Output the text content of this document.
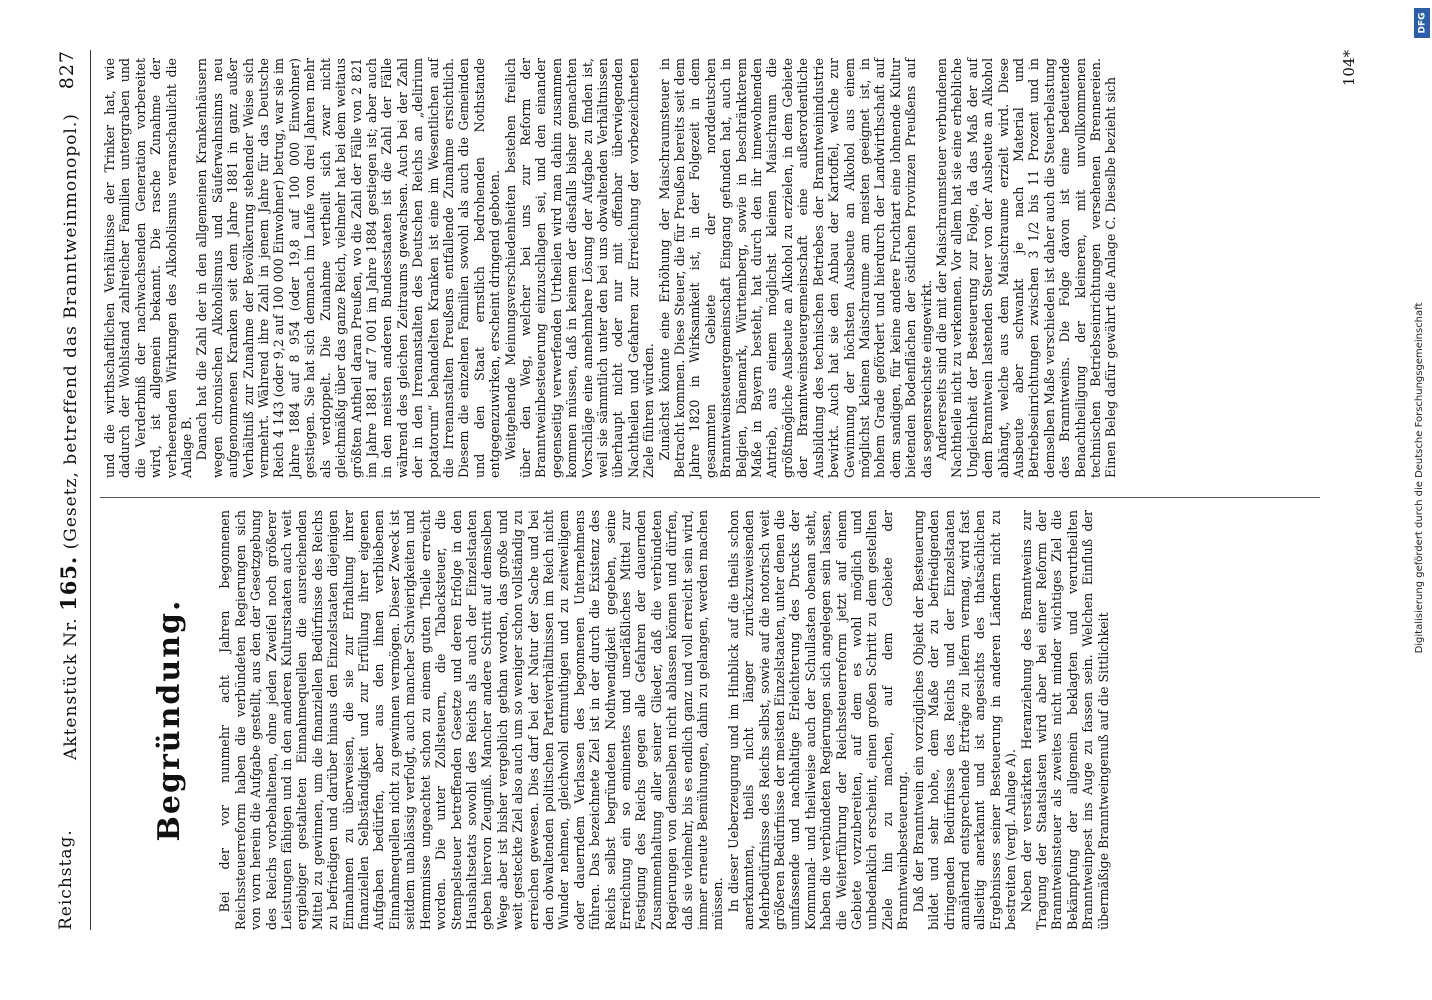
Reichstag.
Aktenstück Nr. 165. (Gesetz, betreffend das Branntweinmonopol.)
827
Begründung. Bei der vor nunmehr acht Jahren begonnenen Reichssteuerreform haben die verbündeten Regierungen sich von vorn herein die Aufgabe gestellt, aus den der Gesetzgebung des Reichs vorbehaltenen, ohne jeden Zweifel noch größerer Leistungen fähigen und in den anderen Kulturstaaten auch weit ergiebiger gestalteten Einnahmequellen die ausreichenden Mittel zu gewinnen, um die finanziellen Bedürfnisse des Reichs zu befriedigen und darüber hinaus den Einzelstaaten diejenigen Einnahmen zu überweisen, die sie zur Erhaltung ihrer finanziellen Selbständigkeit und zur Erfüllung ihrer eigenen Aufgaben bedürfen, aber aus den ihnen verbliebenen Einnahmequellen nicht zu gewinnen vermögen. Dieser Zweck ist seitdem unablässig verfolgt, auch mancher Schwierigkeiten und Hemmnisse ungeachtet schon zu einem guten Theile erreicht worden. Die unter Zollsteuern, die Tabacksteuer, die Stempelsteuer betreffenden Gesetze und deren Erfolge in den Haushaltsetats sowohl des Reichs als auch der Einzelstaaten geben hiervon Zeugniß. Mancher andere Schritt auf demselben Wege aber ist bisher vergeblich gethan worden, das große und weit gesteckte Ziel also auch um so weniger schon vollständig zu erreichen gewesen. Dies darf bei der Natur der Sache und bei den obwaltenden politischen Parteiverhältnissen im Reich nicht Wunder nehmen, gleichwohl entmuthigen und zu zeitweiligem oder dauerndem Verlassen des begonnenen Unternehmens führen. Das bezeichnete Ziel ist in der durch die Existenz des Reichs selbst begründeten Nothwendigkeit gegeben, seine Erreichung ein so eminentes und unerläßliches Mittel zur Festigung des Reichs gegen alle Gefahren der dauernden Zusammenhaltung aller seiner Glieder, daß die verbündeten Regierungen von demselben nicht ablassen können und dürfen, daß sie vielmehr, bis es endlich ganz und voll erreicht sein wird, immer erneute Bemühungen, dahin zu gelangen, werden machen müssen. In dieser Ueberzeugung und im Hinblick auf die theils schon anerkannten, theils nicht länger zurückzuweisenden Mehrbedürfnisse des Reichs selbst, sowie auf die notorisch weit größeren Bedürfnisse der meisten Einzelstaaten, unter denen die umfassende und nachhaltige Erleichterung des Drucks der Kommunal- und theilweise auch der Schullasten obenan steht, haben die verbündeten Regierungen sich angelegen sein lassen, die Weiterführung der Reichssteuerreform jetzt auf einem Gebiete vorzubereiten, auf dem es wohl möglich und unbedenklich erscheint, einen großen Schritt zu dem gestellten Ziele hin zu machen, auf dem Gebiete der Branntweinbesteuerung. Daß der Branntwein ein vorzügliches Objekt der Besteuerung bildet und sehr hohe, dem Maße der zu befriedigenden dringenden Bedürfnisse des Reichs und der Einzelstaaten annähernd entsprechende Erträge zu liefern vermag, wird fast allseitig anerkannt und ist angesichts des thatsächlichen Ergebnisses seiner Besteuerung in anderen Ländern nicht zu bestreiten (vergl. Anlage A). Neben der verstärkten Heranziehung des Branntweins zur Tragung der Staatslasten wird aber bei einer Reform der Branntweinsteuer als zweites nicht minder wichtiges Ziel die Bekämpfung der allgemein beklagten und verurtheilten Branntweinpest ins Auge zu fassen sein. Welchen Einfluß der übermäßige Branntweingenuß auf die Sittlichkeit

und die wirthschaftlichen Verhältnisse der Trinker hat, wie dadurch der Wohlstand zahlreicher Familien untergraben und die Verderbniß der nachwachsenden Generation vorbereitet wird, ist allgemein bekannt. Die rasche Zunahme der verheerenden Wirkungen des Alkoholismus veranschaulicht die Anlage B. Danach hat die Zahl der in den allgemeinen Krankenhäusern wegen chronischen Alkoholismus und Säuferwahnsinns neu aufgenommenen Kranken seit dem Jahre 1881 in ganz außer Verhältniß zur Zunahme der Bevölkerung stehender Weise sich vermehrt. Während ihre Zahl in jenem Jahre für das Deutsche Reich 4 143 (oder 9,2 auf 100 000 Einwohner) betrug, war sie im Jahre 1884 auf 8 954 (oder 19,8 auf 100 000 Einwohner) gestiegen. Sie hat sich demnach im Laufe von drei Jahren mehr als verdoppelt. Die Zunahme vertheilt sich zwar nicht gleichmäßig über das ganze Reich, vielmehr hat bei dem weitaus größten Antheil daran Preußen, wo die Zahl der Fälle von 2 821 im Jahre 1881 auf 7 001 im Jahre 1884 gestiegen ist; aber auch in den meisten anderen Bundesstaaten ist die Zahl der Fälle während des gleichen Zeitraums gewachsen. Auch bei der Zahl der in den Irrenanstalten des Deutschen Reichs an „delirium potatorum“ behandelten Kranken ist eine im Wesentlichen auf die Irrenanstalten Preußens entfallende Zunahme ersichtlich. Diesem die einzelnen Familien sowohl als auch die Gemeinden und den Staat ernstlich bedrohenden Nothstande entgegenzuwirken, erscheint dringend geboten. Weitgehende Meinungsverschiedenheiten bestehen freilich über den Weg, welcher bei uns zur Reform der Branntweinbesteuerung einzuschlagen sei, und den einander gegenseitig verwerfenden Urtheilen wird man dahin zusammen kommen müssen, daß in keinem der diesfalls bisher gemachten Vorschläge eine annehmbare Lösung der Aufgabe zu finden ist, weil sie sämmtlich unter den bei uns obwaltenden Verhältnissen überhaupt nicht oder nur mit offenbar überwiegenden Nachtheilen und Gefahren zur Erreichung der vorbezeichneten Ziele führen würden. Zunächst könnte eine Erhöhung der Maischraumsteuer in Betracht kommen. Diese Steuer, die für Preußen bereits seit dem Jahre 1820 in Wirksamkeit ist, in der Folgezeit in dem gesammten Gebiete der norddeutschen Branntweinsteuergemeinschaft Eingang gefunden hat, auch in Belgien, Dänemark, Württemberg, sowie in beschränkterem Maße in Bayern besteht, hat durch den ihr innewohnenden Antrieb, aus einem möglichst kleinen Maischraum die größtmögliche Ausbeute an Alkohol zu erzielen, in dem Gebiete der Branntweinsteuergemeinschaft eine außerordentliche Ausbildung des technischen Betriebes der Branntweinindustrie bewirkt. Auch hat sie den Anbau der Kartoffel, welche zur Gewinnung der höchsten Ausbeute an Alkohol aus einem möglichst kleinen Maischraume am meisten geeignet ist, in hohem Grade gefördert und hierdurch der Landwirthschaft auf dem sandigen, für keine andere Fruchtart eine lohnende Kultur bietenden Bodenflächen der östlichen Provinzen Preußens auf das segensreichste eingewirkt. Andererseits sind die mit der Maischraumsteuer verbundenen Nachtheile nicht zu verkennen. Vor allem hat sie eine erhebliche Ungleichheit der Besteuerung zur Folge, da das Maß der auf dem Branntwein lastenden Steuer von der Ausbeute an Alkohol abhängt, welche aus dem Maischraume erzielt wird. Diese Ausbeute aber schwankt je nach Material und Betriebseinrichtungen zwischen 3 1/2 bis 11 Prozent und in demselben Maße verschieden ist daher auch die Steuerbelastung des Branntweins. Die Folge davon ist eine bedeutende Benachtheiligung der kleineren, mit unvollkommenen technischen Betriebseinrichtungen versehenen Brennereien. Einen Beleg dafür gewährt die Anlage C. Dieselbe bezieht sich

104*
DFG
Digitalisierung gefördert durch die Deutsche Forschungsgemeinschaft
